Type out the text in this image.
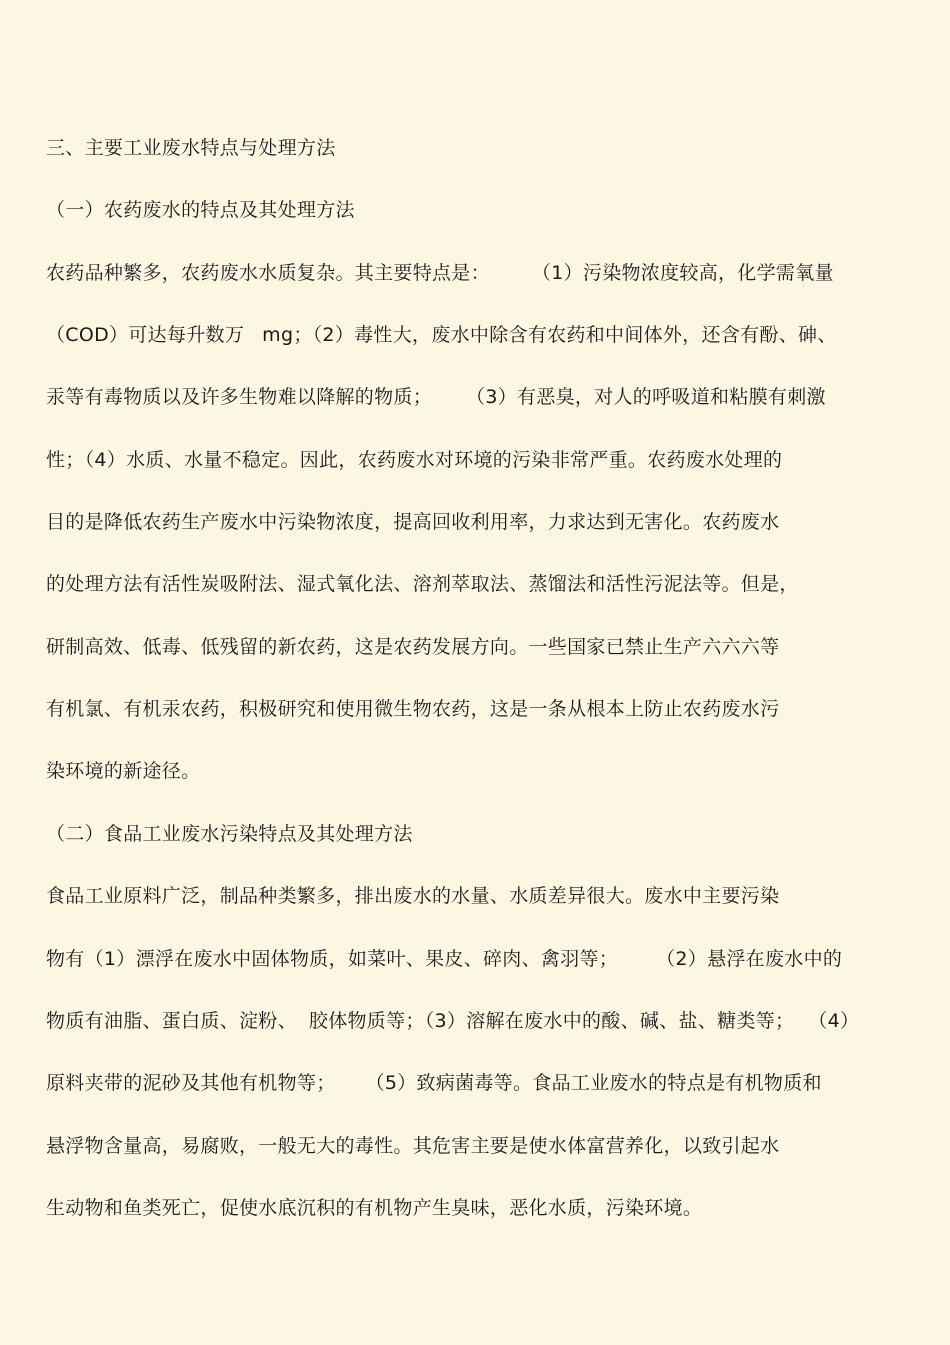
三、主要工业废水特点与处理方法
（一）农药废水的特点及其处理方法
农药品种繁多，农药废水水质复杂。其主要特点是： （1）污染物浓度较高，化学需氧量
（COD）可达每升数万 mg；（2）毒性大，废水中除含有农药和中间体外，还含有酚、砷、
汞等有毒物质以及许多生物难以降解的物质； （3）有恶臭，对人的呼吸道和粘膜有刺激
性；（4）水质、水量不稳定。因此，农药废水对环境的污染非常严重。农药废水处理的
目的是降低农药生产废水中污染物浓度，提高回收利用率，力求达到无害化。农药废水
的处理方法有活性炭吸附法、湿式氧化法、溶剂萃取法、蒸馏法和活性污泥法等。但是，
研制高效、低毒、低残留的新农药，这是农药发展方向。一些国家已禁止生产六六六等
有机氯、有机汞农药，积极研究和使用微生物农药，这是一条从根本上防止农药废水污
染环境的新途径。
（二）食品工业废水污染特点及其处理方法
食品工业原料广泛，制品种类繁多，排出废水的水量、水质差异很大。废水中主要污染
物有（1）漂浮在废水中固体物质，如菜叶、果皮、碎肉、禽羽等； （2）悬浮在废水中的
物质有油脂、蛋白质、淀粉、 胶体物质等；（3）溶解在废水中的酸、碱、盐、糖类等； （4）
原料夹带的泥砂及其他有机物等； （5）致病菌毒等。食品工业废水的特点是有机物质和
悬浮物含量高，易腐败，一般无大的毒性。其危害主要是使水体富营养化，以致引起水
生动物和鱼类死亡，促使水底沉积的有机物产生臭味，恶化水质，污染环境。
